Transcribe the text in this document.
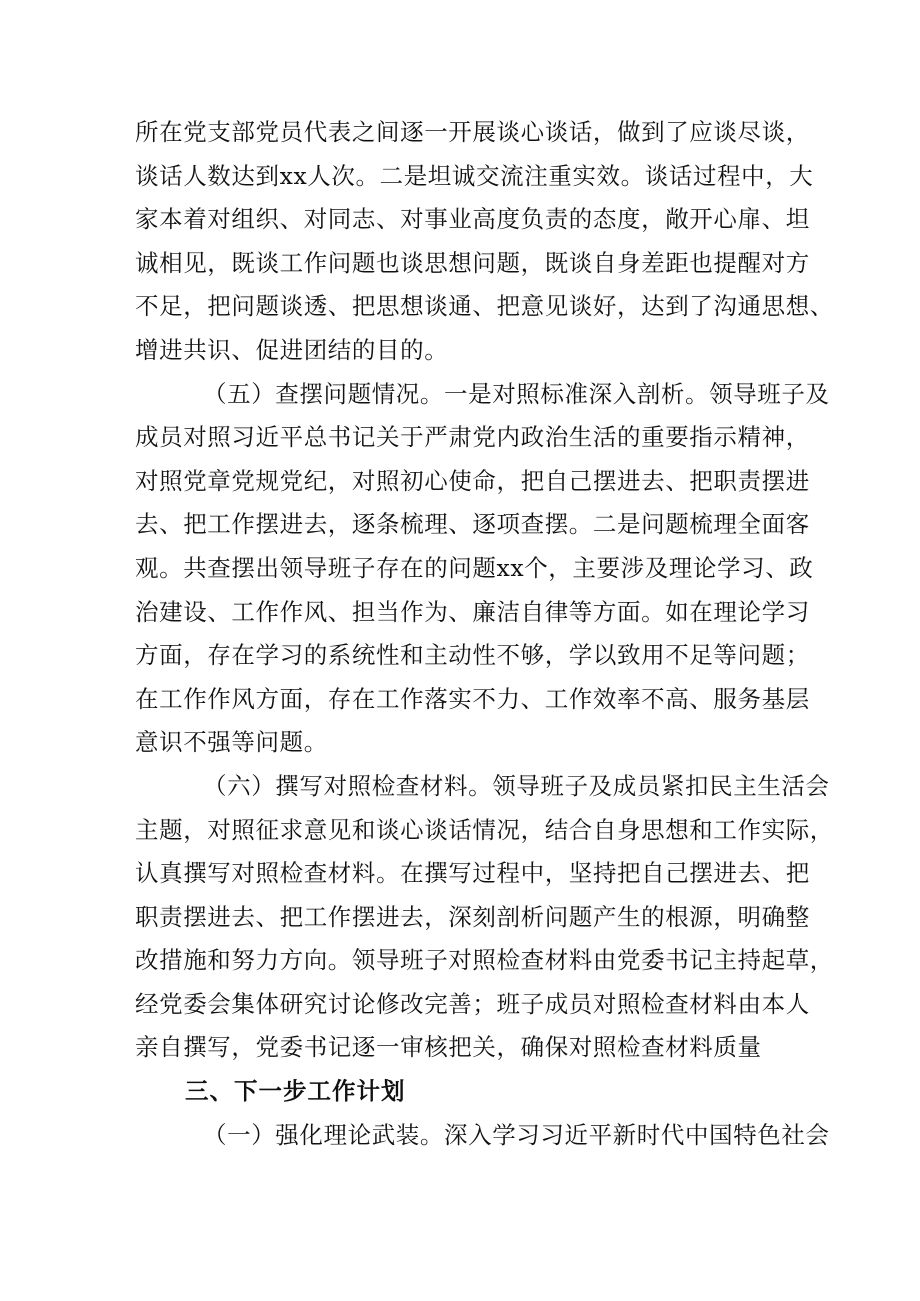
所在党支部党员代表之间逐一开展谈心谈话，做到了应谈尽谈，
谈话人数达到xx人次。二是坦诚交流注重实效。谈话过程中，大
家本着对组织、对同志、对事业高度负责的态度，敞开心扉、坦
诚相见，既谈工作问题也谈思想问题，既谈自身差距也提醒对方
不足，把问题谈透、把思想谈通、把意见谈好，达到了沟通思想、
增进共识、促进团结的目的。
（五）查摆问题情况。一是对照标准深入剖析。领导班子及
成员对照习近平总书记关于严肃党内政治生活的重要指示精神，
对照党章党规党纪，对照初心使命，把自己摆进去、把职责摆进
去、把工作摆进去，逐条梳理、逐项查摆。二是问题梳理全面客
观。共查摆出领导班子存在的问题xx个，主要涉及理论学习、政
治建设、工作作风、担当作为、廉洁自律等方面。如在理论学习
方面，存在学习的系统性和主动性不够，学以致用不足等问题；
在工作作风方面，存在工作落实不力、工作效率不高、服务基层
意识不强等问题。
（六）撰写对照检查材料。领导班子及成员紧扣民主生活会
主题，对照征求意见和谈心谈话情况，结合自身思想和工作实际，
认真撰写对照检查材料。在撰写过程中，坚持把自己摆进去、把
职责摆进去、把工作摆进去，深刻剖析问题产生的根源，明确整
改措施和努力方向。领导班子对照检查材料由党委书记主持起草，
经党委会集体研究讨论修改完善；班子成员对照检查材料由本人
亲自撰写，党委书记逐一审核把关，确保对照检查材料质量
三、下一步工作计划
（一）强化理论武装。深入学习习近平新时代中国特色社会
